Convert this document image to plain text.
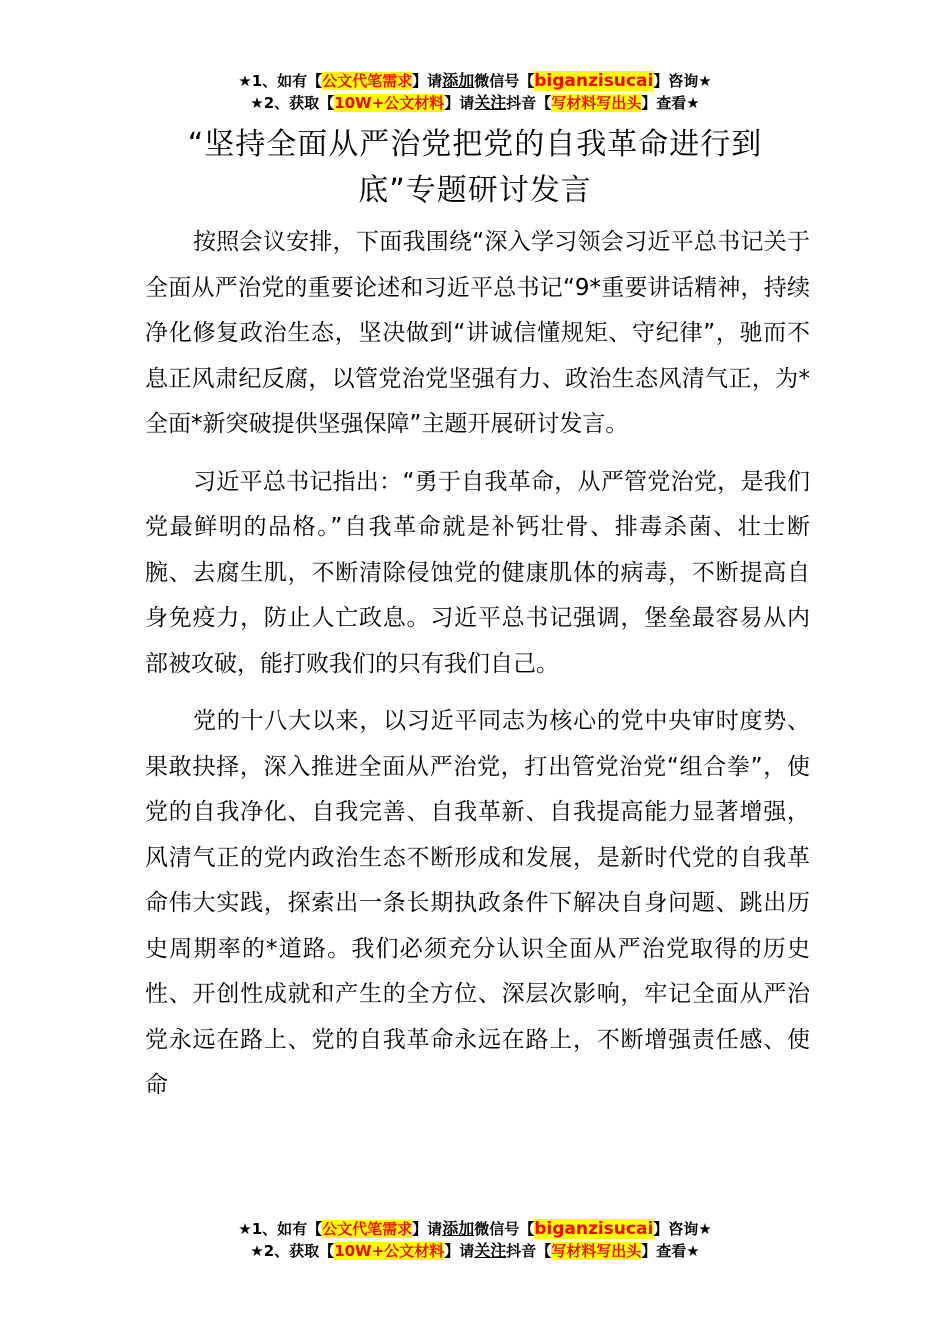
★1、如有【公文代笔需求】请添加微信号【biganzisucai】咨询★
★2、获取【10W+公文材料】请关注抖音【写材料写出头】查看★
“坚持全面从严治党把党的自我革命进行到
底”专题研讨发言

按照会议安排，下面我围绕“深入学习领会习近平总书记关于全面从严治党的重要论述和习近平总书记“9*重要讲话精神，持续净化修复政治生态，坚决做到“讲诚信懂规矩、守纪律”，驰而不息正风肃纪反腐，以管党治党坚强有力、政治生态风清气正，为*全面*新突破提供坚强保障”主题开展研讨发言。

习近平总书记指出：“勇于自我革命，从严管党治党，是我们党最鲜明的品格。”自我革命就是补钙壮骨、排毒杀菌、壮士断腕、去腐生肌，不断清除侵蚀党的健康肌体的病毒，不断提高自身免疫力，防止人亡政息。习近平总书记强调，堡垒最容易从内部被攻破，能打败我们的只有我们自己。

党的十八大以来，以习近平同志为核心的党中央审时度势、果敢抉择，深入推进全面从严治党，打出管党治党“组合拳”，使党的自我净化、自我完善、自我革新、自我提高能力显著增强，风清气正的党内政治生态不断形成和发展，是新时代党的自我革命伟大实践，探索出一条长期执政条件下解决自身问题、跳出历史周期率的*道路。我们必须充分认识全面从严治党取得的历史性、开创性成就和产生的全方位、深层次影响，牢记全面从严治党永远在路上、党的自我革命永远在路上，不断增强责任感、使命

★1、如有【公文代笔需求】请添加微信号【biganzisucai】咨询★
★2、获取【10W+公文材料】请关注抖音【写材料写出头】查看★
